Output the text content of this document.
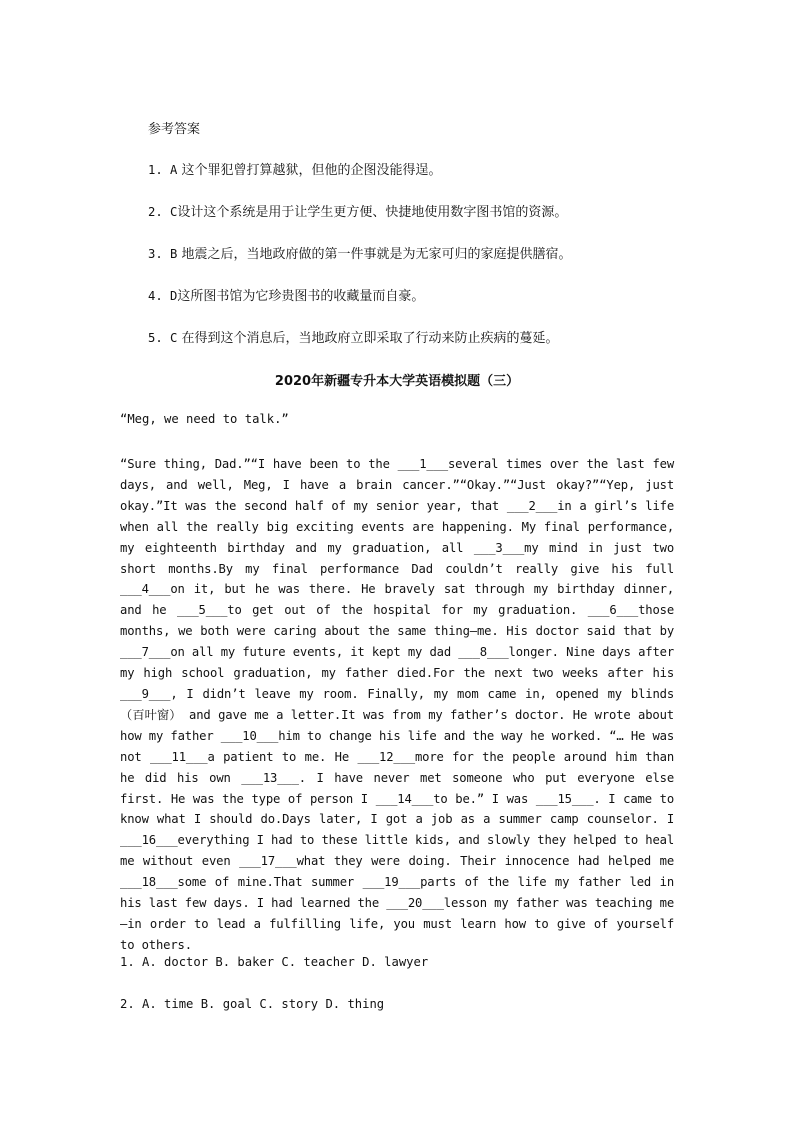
参考答案
1. A 这个罪犯曾打算越狱，但他的企图没能得逞。
2. C设计这个系统是用于让学生更方便、快捷地使用数字图书馆的资源。
3. B 地震之后，当地政府做的第一件事就是为无家可归的家庭提供膳宿。
4. D这所图书馆为它珍贵图书的收藏量而自豪。
5. C 在得到这个消息后，当地政府立即采取了行动来防止疾病的蔓延。
2020年新疆专升本大学英语模拟题（三）
“Meg, we need to talk.”

“Sure thing, Dad.”“I have been to the ___1___several times over the last few days, and well, Meg, I have a brain cancer.”“Okay.”“Just okay?”“Yep, just okay.”It was the second half of my senior year, that ___2___in a girl’s life when all the really big exciting events are happening. My final performance, my eighteenth birthday and my graduation, all ___3___my mind in just two short months.By my final performance Dad couldn’t really give his full ___4___on it, but he was there. He bravely sat through my birthday dinner, and he ___5___to get out of the hospital for my graduation. ___6___those months, we both were caring about the same thing—me. His doctor said that by ___7___on all my future events, it kept my dad ___8___longer. Nine days after my high school graduation, my father died.For the next two weeks after his ___9___, I didn’t leave my room. Finally, my mom came in, opened my blinds（百叶窗） and gave me a letter.It was from my father’s doctor. He wrote about how my father ___10___him to change his life and the way he worked. “… He was not ___11___a patient to me. He ___12___more for the people around him than he did his own ___13___. I have never met someone who put everyone else first. He was the type of person I ___14___to be.” I was ___15___. I came to know what I should do.Days later, I got a job as a summer camp counselor. I ___16___everything I had to these little kids, and slowly they helped to heal me without even ___17___what they were doing. Their innocence had helped me ___18___some of mine.That summer ___19___parts of the life my father led in his last few days. I had learned the ___20___lesson my father was teaching me—in order to lead a fulfilling life, you must learn how to give of yourself to others.

1. A. doctor B. baker C. teacher D. lawyer
2. A. time B. goal C. story D. thing
